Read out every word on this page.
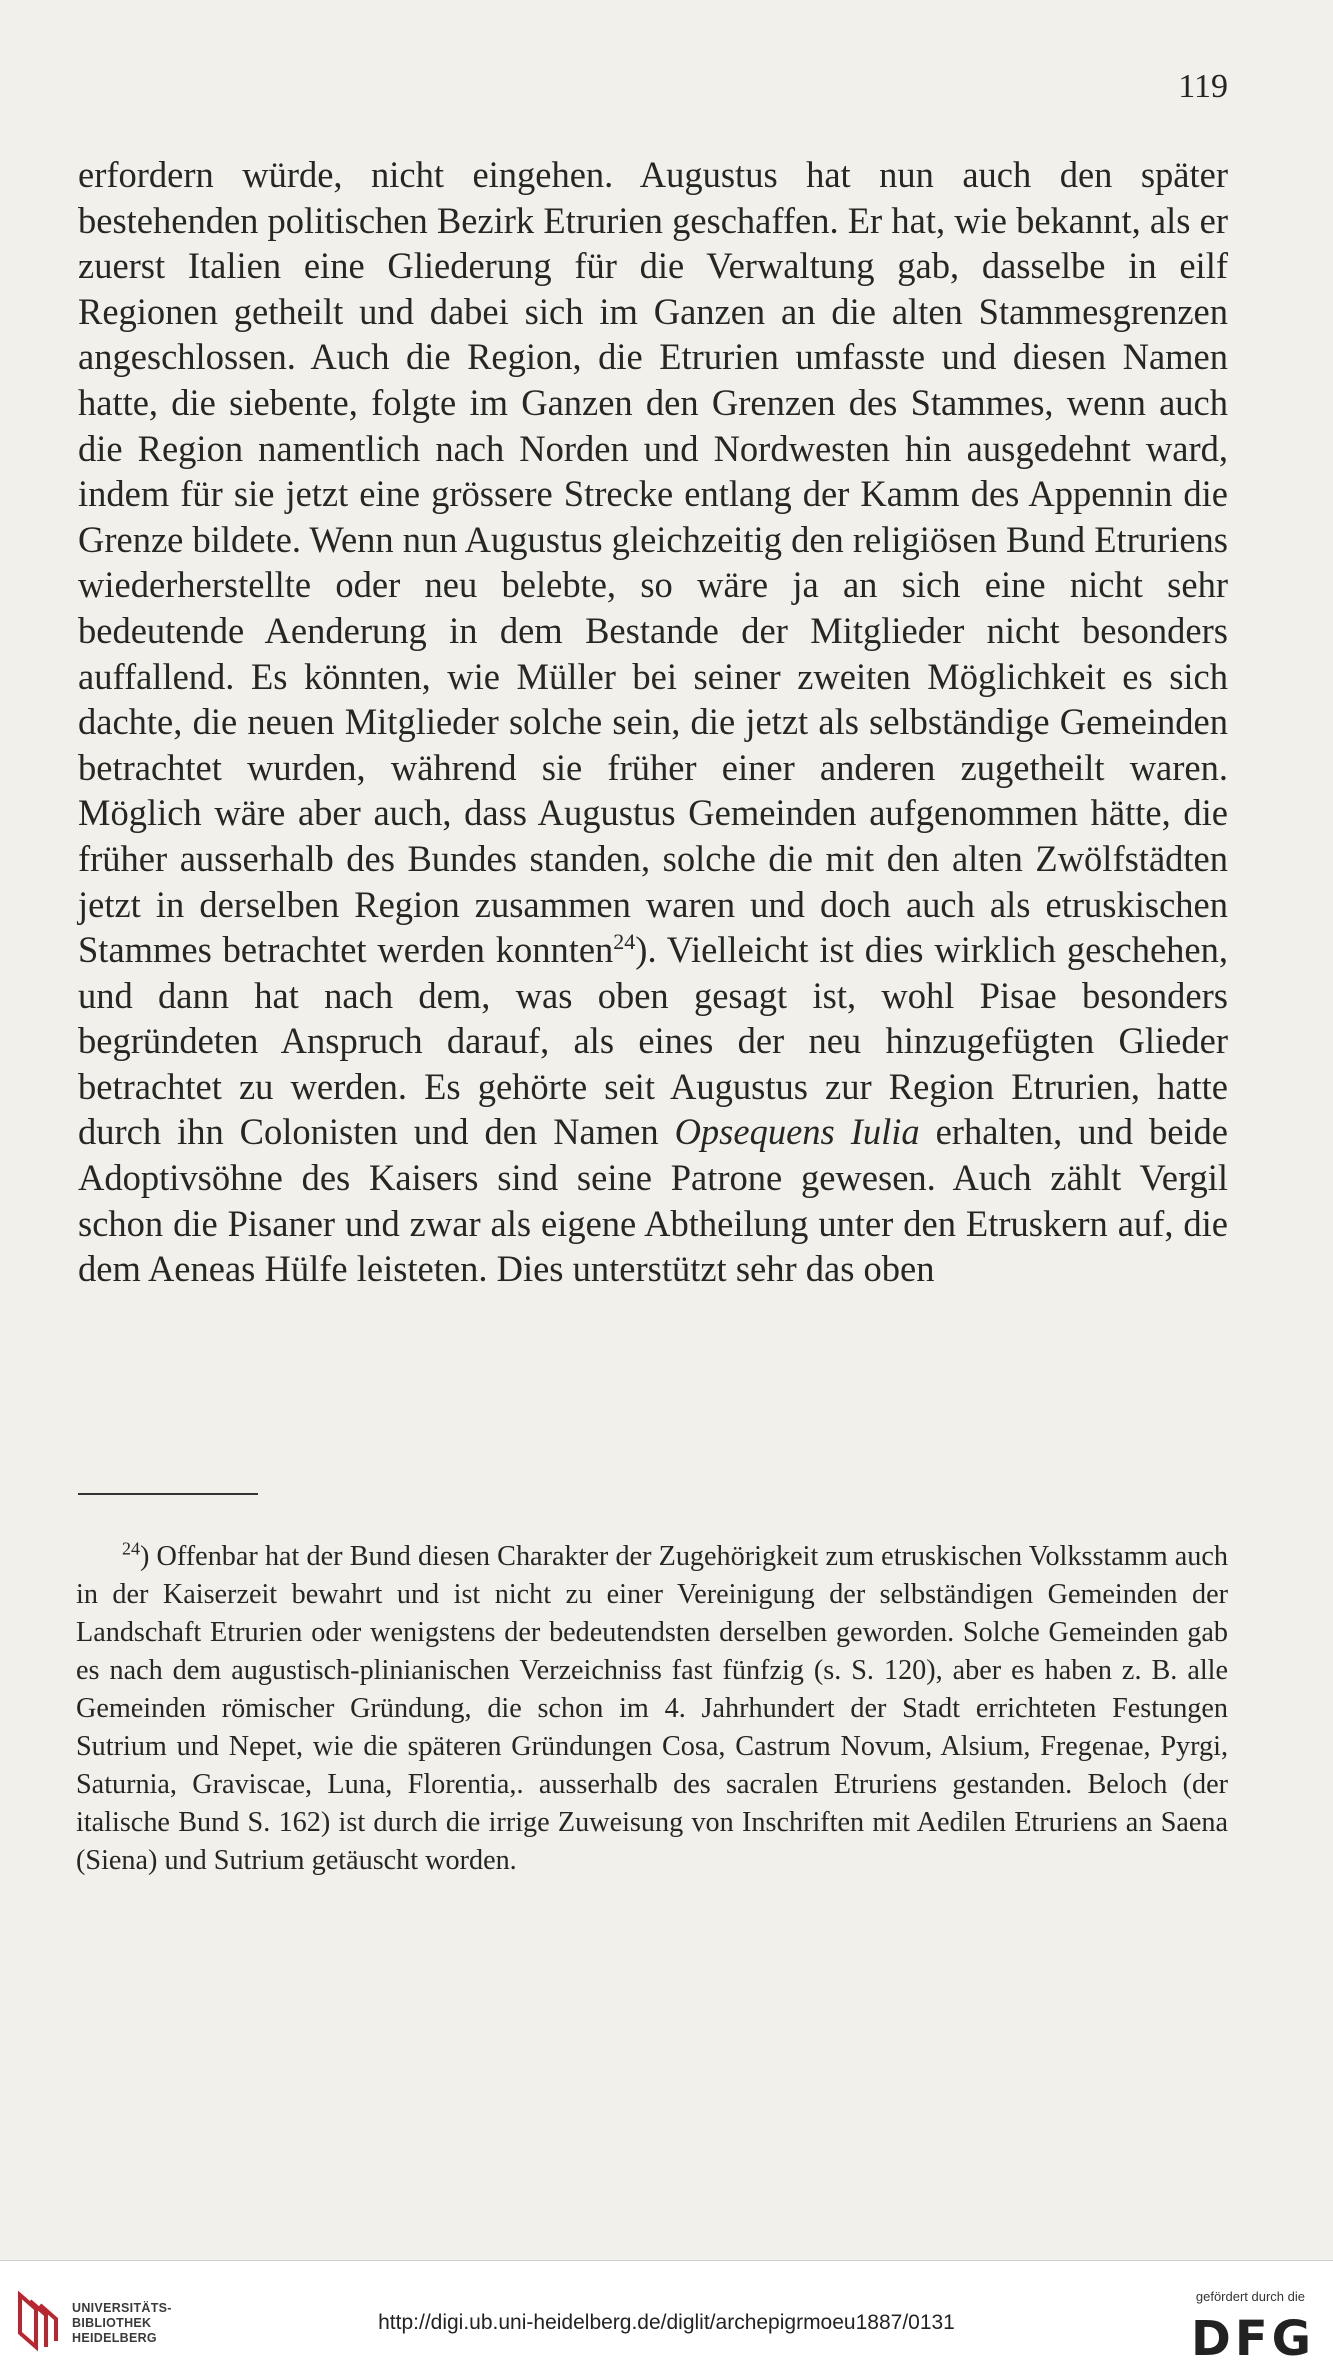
119

erfordern würde, nicht eingehen. Augustus hat nun auch den später bestehenden politischen Bezirk Etrurien geschaffen. Er hat, wie bekannt, als er zuerst Italien eine Gliederung für die Verwaltung gab, dasselbe in eilf Regionen getheilt und dabei sich im Ganzen an die alten Stammesgrenzen angeschlossen. Auch die Region, die Etrurien umfasste und diesen Namen hatte, die siebente, folgte im Ganzen den Grenzen des Stammes, wenn auch die Region namentlich nach Norden und Nordwesten hin ausgedehnt ward, indem für sie jetzt eine grössere Strecke entlang der Kamm des Appennin die Grenze bildete. Wenn nun Augustus gleichzeitig den religiösen Bund Etruriens wiederherstellte oder neu belebte, so wäre ja an sich eine nicht sehr bedeutende Aenderung in dem Bestande der Mitglieder nicht besonders auffallend. Es könnten, wie Müller bei seiner zweiten Möglichkeit es sich dachte, die neuen Mitglieder solche sein, die jetzt als selbständige Gemeinden betrachtet wurden, während sie früher einer anderen zugetheilt waren. Möglich wäre aber auch, dass Augustus Gemeinden aufgenommen hätte, die früher ausserhalb des Bundes standen, solche die mit den alten Zwölfstädten jetzt in derselben Region zusammen waren und doch auch als etruskischen Stammes betrachtet werden konnten$^{24}$). Vielleicht ist dies wirklich geschehen, und dann hat nach dem, was oben gesagt ist, wohl Pisae besonders begründeten Anspruch darauf, als eines der neu hinzugefügten Glieder betrachtet zu werden. Es gehörte seit Augustus zur Region Etrurien, hatte durch ihn Colonisten und den Namen Opsequens Iulia erhalten, und beide Adoptivsöhne des Kaisers sind seine Patrone gewesen. Auch zählt Vergil schon die Pisaner und zwar als eigene Abtheilung unter den Etruskern auf, die dem Aeneas Hülfe leisteten. Dies unterstützt sehr das oben

$^{24}$) Offenbar hat der Bund diesen Charakter der Zugehörigkeit zum etruskischen Volksstamm auch in der Kaiserzeit bewahrt und ist nicht zu einer Vereinigung der selbständigen Gemeinden der Landschaft Etrurien oder wenigstens der bedeutendsten derselben geworden. Solche Gemeinden gab es nach dem augustisch-plinianischen Verzeichniss fast fünfzig (s. S. 120), aber es haben z. B. alle Gemeinden römischer Gründung, die schon im 4. Jahrhundert der Stadt errichteten Festungen Sutrium und Nepet, wie die späteren Gründungen Cosa, Castrum Novum, Alsium, Fregenae, Pyrgi, Saturnia, Graviscae, Luna, Florentia,. ausserhalb des sacralen Etruriens gestanden. Beloch (der italische Bund S. 162) ist durch die irrige Zuweisung von Inschriften mit Aedilen Etruriens an Saena (Siena) und Sutrium getäuscht worden.

UNIVERSITÄTS-
BIBLIOTHEK
HEIDELBERG
http://digi.ub.uni-heidelberg.de/diglit/archepigrmoeu1887/0131
gefördert durch die
DFG
